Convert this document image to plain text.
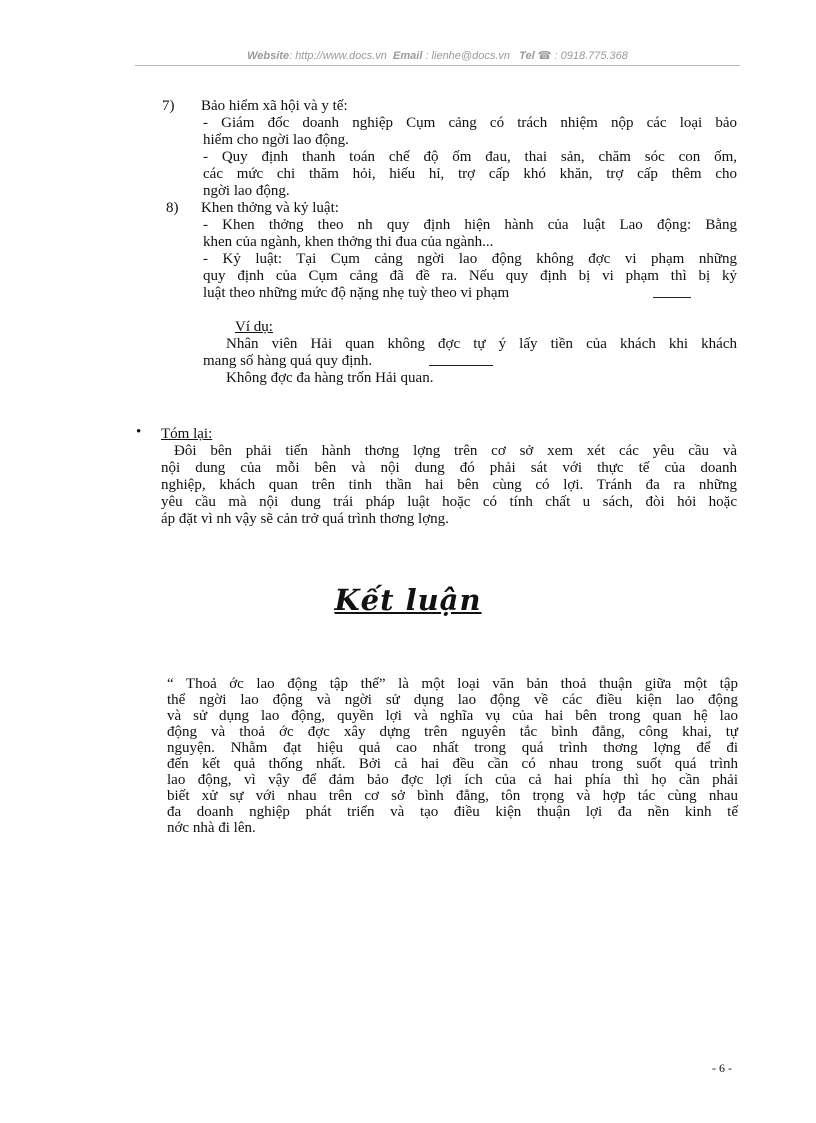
Website: http://www.docs.vn Email : lienhe@docs.vn Tel ☎ : 0918.775.368
7) Bảo hiểm xã hội và y tế:
- Giám đốc doanh nghiệp Cụm cảng có trách nhiệm nộp các loại bảo
hiểm cho ngời lao động.
- Quy định thanh toán chế độ ốm đau, thai sản, chăm sóc con ốm,
các mức chi thăm hỏi, hiếu hỉ, trợ cấp khó khăn, trợ cấp thêm cho
ngời lao động.
8) Khen thởng và kỷ luật:
- Khen thởng theo nh quy định hiện hành của luật Lao động: Bằng
khen của ngành, khen thởng thi đua của ngành...
- Kỷ luật: Tại Cụm cảng ngời lao động không đợc vi phạm những
quy định của Cụm cảng đã đề ra. Nếu quy định bị vi phạm thì bị kỷ
luật theo những mức độ nặng nhẹ tuỳ theo vi phạm
Ví dụ:
Nhân viên Hải quan không đợc tự ý lấy tiền của khách khi khách
mang số hàng quá quy định.
Không đợc đa hàng trốn Hải quan.
• Tóm lại:
Đôi bên phải tiến hành thơng lợng trên cơ sở xem xét các yêu cầu và
nội dung của mỗi bên và nội dung đó phải sát với thực tế của doanh
nghiệp, khách quan trên tinh thần hai bên cùng có lợi. Tránh đa ra những
yêu cầu mà nội dung trái pháp luật hoặc có tính chất u sách, đòi hỏi hoặc
áp đặt vì nh vậy sẽ cản trở quá trình thơng lợng.
Kết luận
“ Thoả ớc lao động tập thể” là một loại văn bản thoả thuận giữa một tập
thể ngời lao động và ngời sử dụng lao động về các điều kiện lao động
và sử dụng lao động, quyền lợi và nghĩa vụ của hai bên trong quan hệ lao
động và thoả ớc đợc xây dựng trên nguyên tắc bình đẳng, công khai, tự
nguyện. Nhằm đạt hiệu quả cao nhất trong quá trình thơng lợng để đi
đến kết quả thống nhất. Bởi cả hai đều cần có nhau trong suốt quá trình
lao động, vì vậy để đảm bảo đợc lợi ích của cả hai phía thì họ cần phải
biết xử sự với nhau trên cơ sở bình đẳng, tôn trọng và hợp tác cùng nhau
đa doanh nghiệp phát triển và tạo điều kiện thuận lợi đa nền kinh tế
nớc nhà đi lên.
- 6 -
